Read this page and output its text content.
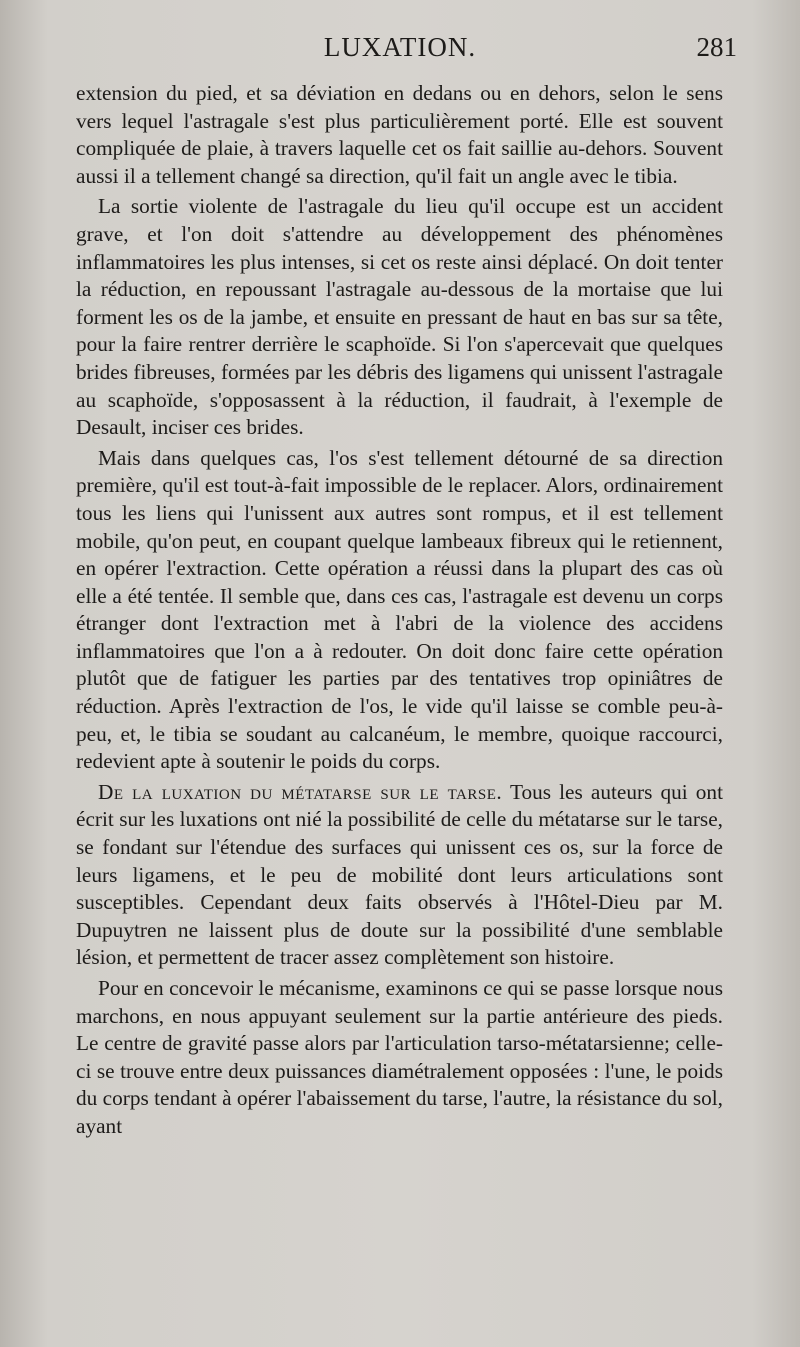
LUXATION.	281

extension du pied, et sa déviation en dedans ou en dehors, selon le sens vers lequel l'astragale s'est plus particulièrement porté. Elle est souvent compliquée de plaie, à travers laquelle cet os fait saillie au-dehors. Souvent aussi il a tellement changé sa direction, qu'il fait un angle avec le tibia.

La sortie violente de l'astragale du lieu qu'il occupe est un accident grave, et l'on doit s'attendre au développement des phénomènes inflammatoires les plus intenses, si cet os reste ainsi déplacé. On doit tenter la réduction, en repoussant l'astragale au-dessous de la mortaise que lui forment les os de la jambe, et ensuite en pressant de haut en bas sur sa tête, pour la faire rentrer derrière le scaphoïde. Si l'on s'apercevait que quelques brides fibreuses, formées par les débris des ligamens qui unissent l'astragale au scaphoïde, s'opposassent à la réduction, il faudrait, à l'exemple de Desault, inciser ces brides.

Mais dans quelques cas, l'os s'est tellement détourné de sa direction première, qu'il est tout-à-fait impossible de le replacer. Alors, ordinairement tous les liens qui l'unissent aux autres sont rompus, et il est tellement mobile, qu'on peut, en coupant quelque lambeaux fibreux qui le retiennent, en opérer l'extraction. Cette opération a réussi dans la plupart des cas où elle a été tentée. Il semble que, dans ces cas, l'astragale est devenu un corps étranger dont l'extraction met à l'abri de la violence des accidens inflammatoires que l'on a à redouter. On doit donc faire cette opération plutôt que de fatiguer les parties par des tentatives trop opiniâtres de réduction. Après l'extraction de l'os, le vide qu'il laisse se comble peu-à-peu, et, le tibia se soudant au calcanéum, le membre, quoique raccourci, redevient apte à soutenir le poids du corps.

De la luxation du métatarse sur le tarse. Tous les auteurs qui ont écrit sur les luxations ont nié la possibilité de celle du métatarse sur le tarse, se fondant sur l'étendue des surfaces qui unissent ces os, sur la force de leurs ligamens, et le peu de mobilité dont leurs articulations sont susceptibles. Cependant deux faits observés à l'Hôtel-Dieu par M. Dupuytren ne laissent plus de doute sur la possibilité d'une semblable lésion, et permettent de tracer assez complètement son histoire.

Pour en concevoir le mécanisme, examinons ce qui se passe lorsque nous marchons, en nous appuyant seulement sur la partie antérieure des pieds. Le centre de gravité passe alors par l'articulation tarso-métatarsienne; celle-ci se trouve entre deux puissances diamétralement opposées : l'une, le poids du corps tendant à opérer l'abaissement du tarse, l'autre, la résistance du sol, ayant
